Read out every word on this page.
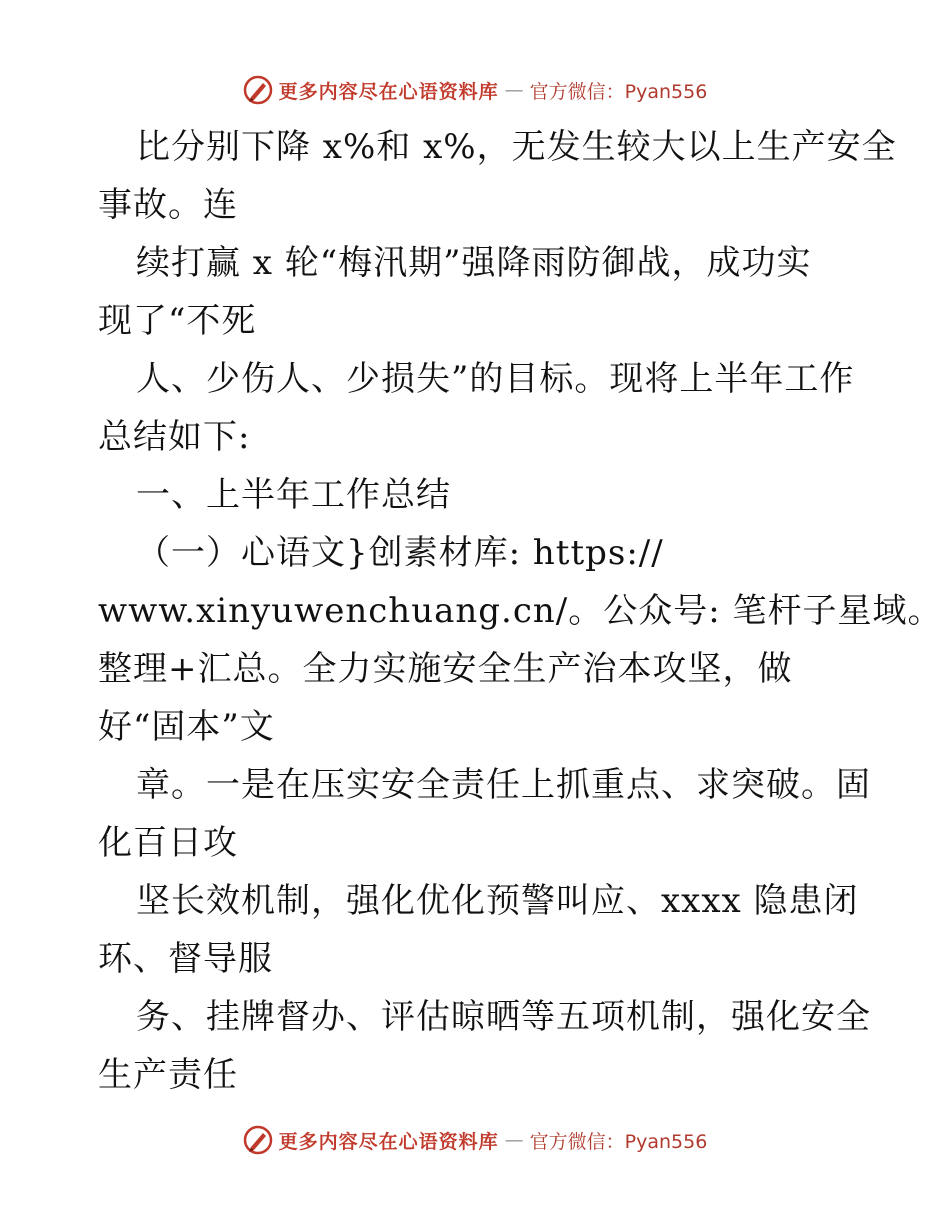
更多内容尽在心语资料库 — 官方微信：Pyan556
比分别下降 x%和 x%，无发生较大以上生产安全
事故。连
续打赢 x 轮“梅汛期”强降雨防御战，成功实
现了“不死
人、少伤人、少损失”的目标。现将上半年工作
总结如下:
一、上半年工作总结
（一）心语文}创素材库: https://
www.xinyuwenchuang.cn/。公众号: 笔杆子星域。
整理+汇总。全力实施安全生产治本攻坚，做
好“固本”文
章。一是在压实安全责任上抓重点、求突破。固
化百日攻
坚长效机制，强化优化预警叫应、xxxx 隐患闭
环、督导服
务、挂牌督办、评估晾晒等五项机制，强化安全
生产责任
更多内容尽在心语资料库 — 官方微信：Pyan556
